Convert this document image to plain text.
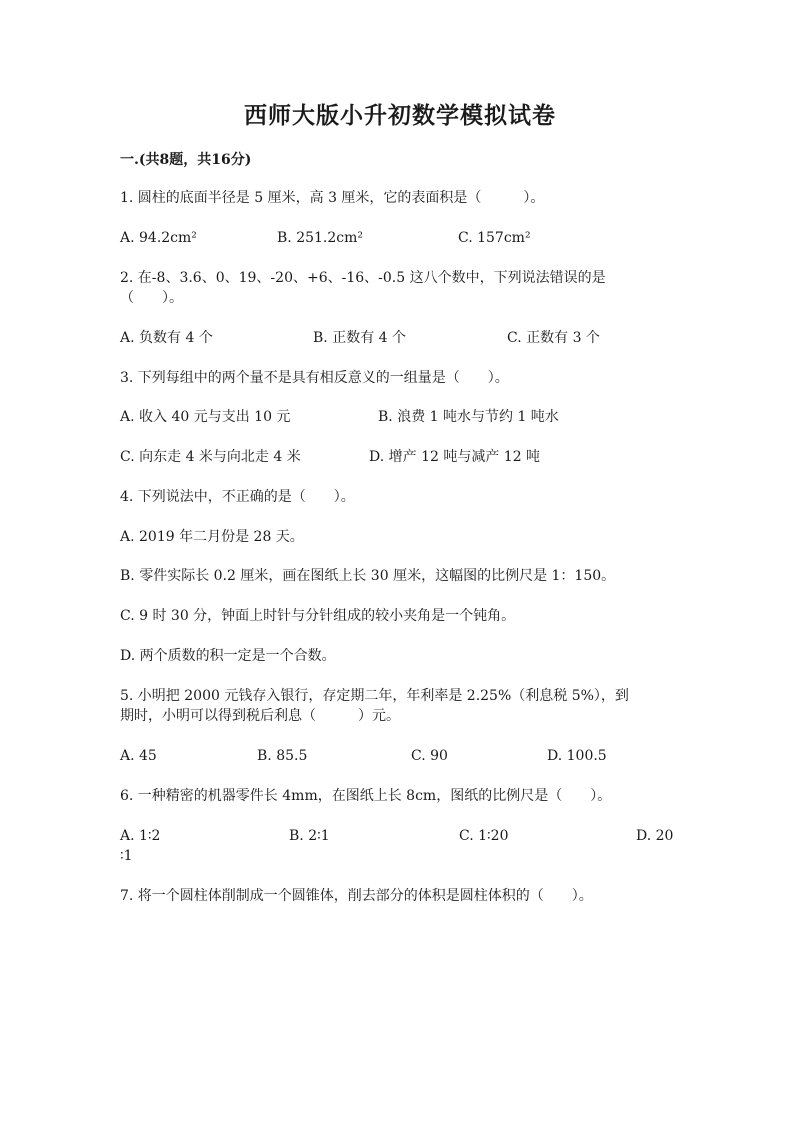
西师大版小升初数学模拟试卷
一.(共8题，共16分)
1. 圆柱的底面半径是 5 厘米，高 3 厘米，它的表面积是（　　　）。
A. 94.2cm²	B. 251.2cm²	C. 157cm²
2. 在-8、3.6、0、19、-20、+6、-16、-0.5 这八个数中，下列说法错误的是
（　　）。
A. 负数有 4 个	B. 正数有 4 个	C. 正数有 3 个
3. 下列每组中的两个量不是具有相反意义的一组量是（　　）。
A. 收入 40 元与支出 10 元	B. 浪费 1 吨水与节约 1 吨水
C. 向东走 4 米与向北走 4 米	D. 增产 12 吨与减产 12 吨
4. 下列说法中，不正确的是（　　）。
A. 2019 年二月份是 28 天。
B. 零件实际长 0.2 厘米，画在图纸上长 30 厘米，这幅图的比例尺是 1：150。
C. 9 时 30 分，钟面上时针与分针组成的较小夹角是一个钝角。
D. 两个质数的积一定是一个合数。
5. 小明把 2000 元钱存入银行，存定期二年，年利率是 2.25%（利息税 5%），到
期时，小明可以得到税后利息（　　　）元。
A. 45	B. 85.5	C. 90	D. 100.5
6. 一种精密的机器零件长 4mm，在图纸上长 8cm，图纸的比例尺是（　　）。
A. 1∶2	B. 2∶1	C. 1∶20	D. 20
∶1
7. 将一个圆柱体削制成一个圆锥体，削去部分的体积是圆柱体积的（　　）。
